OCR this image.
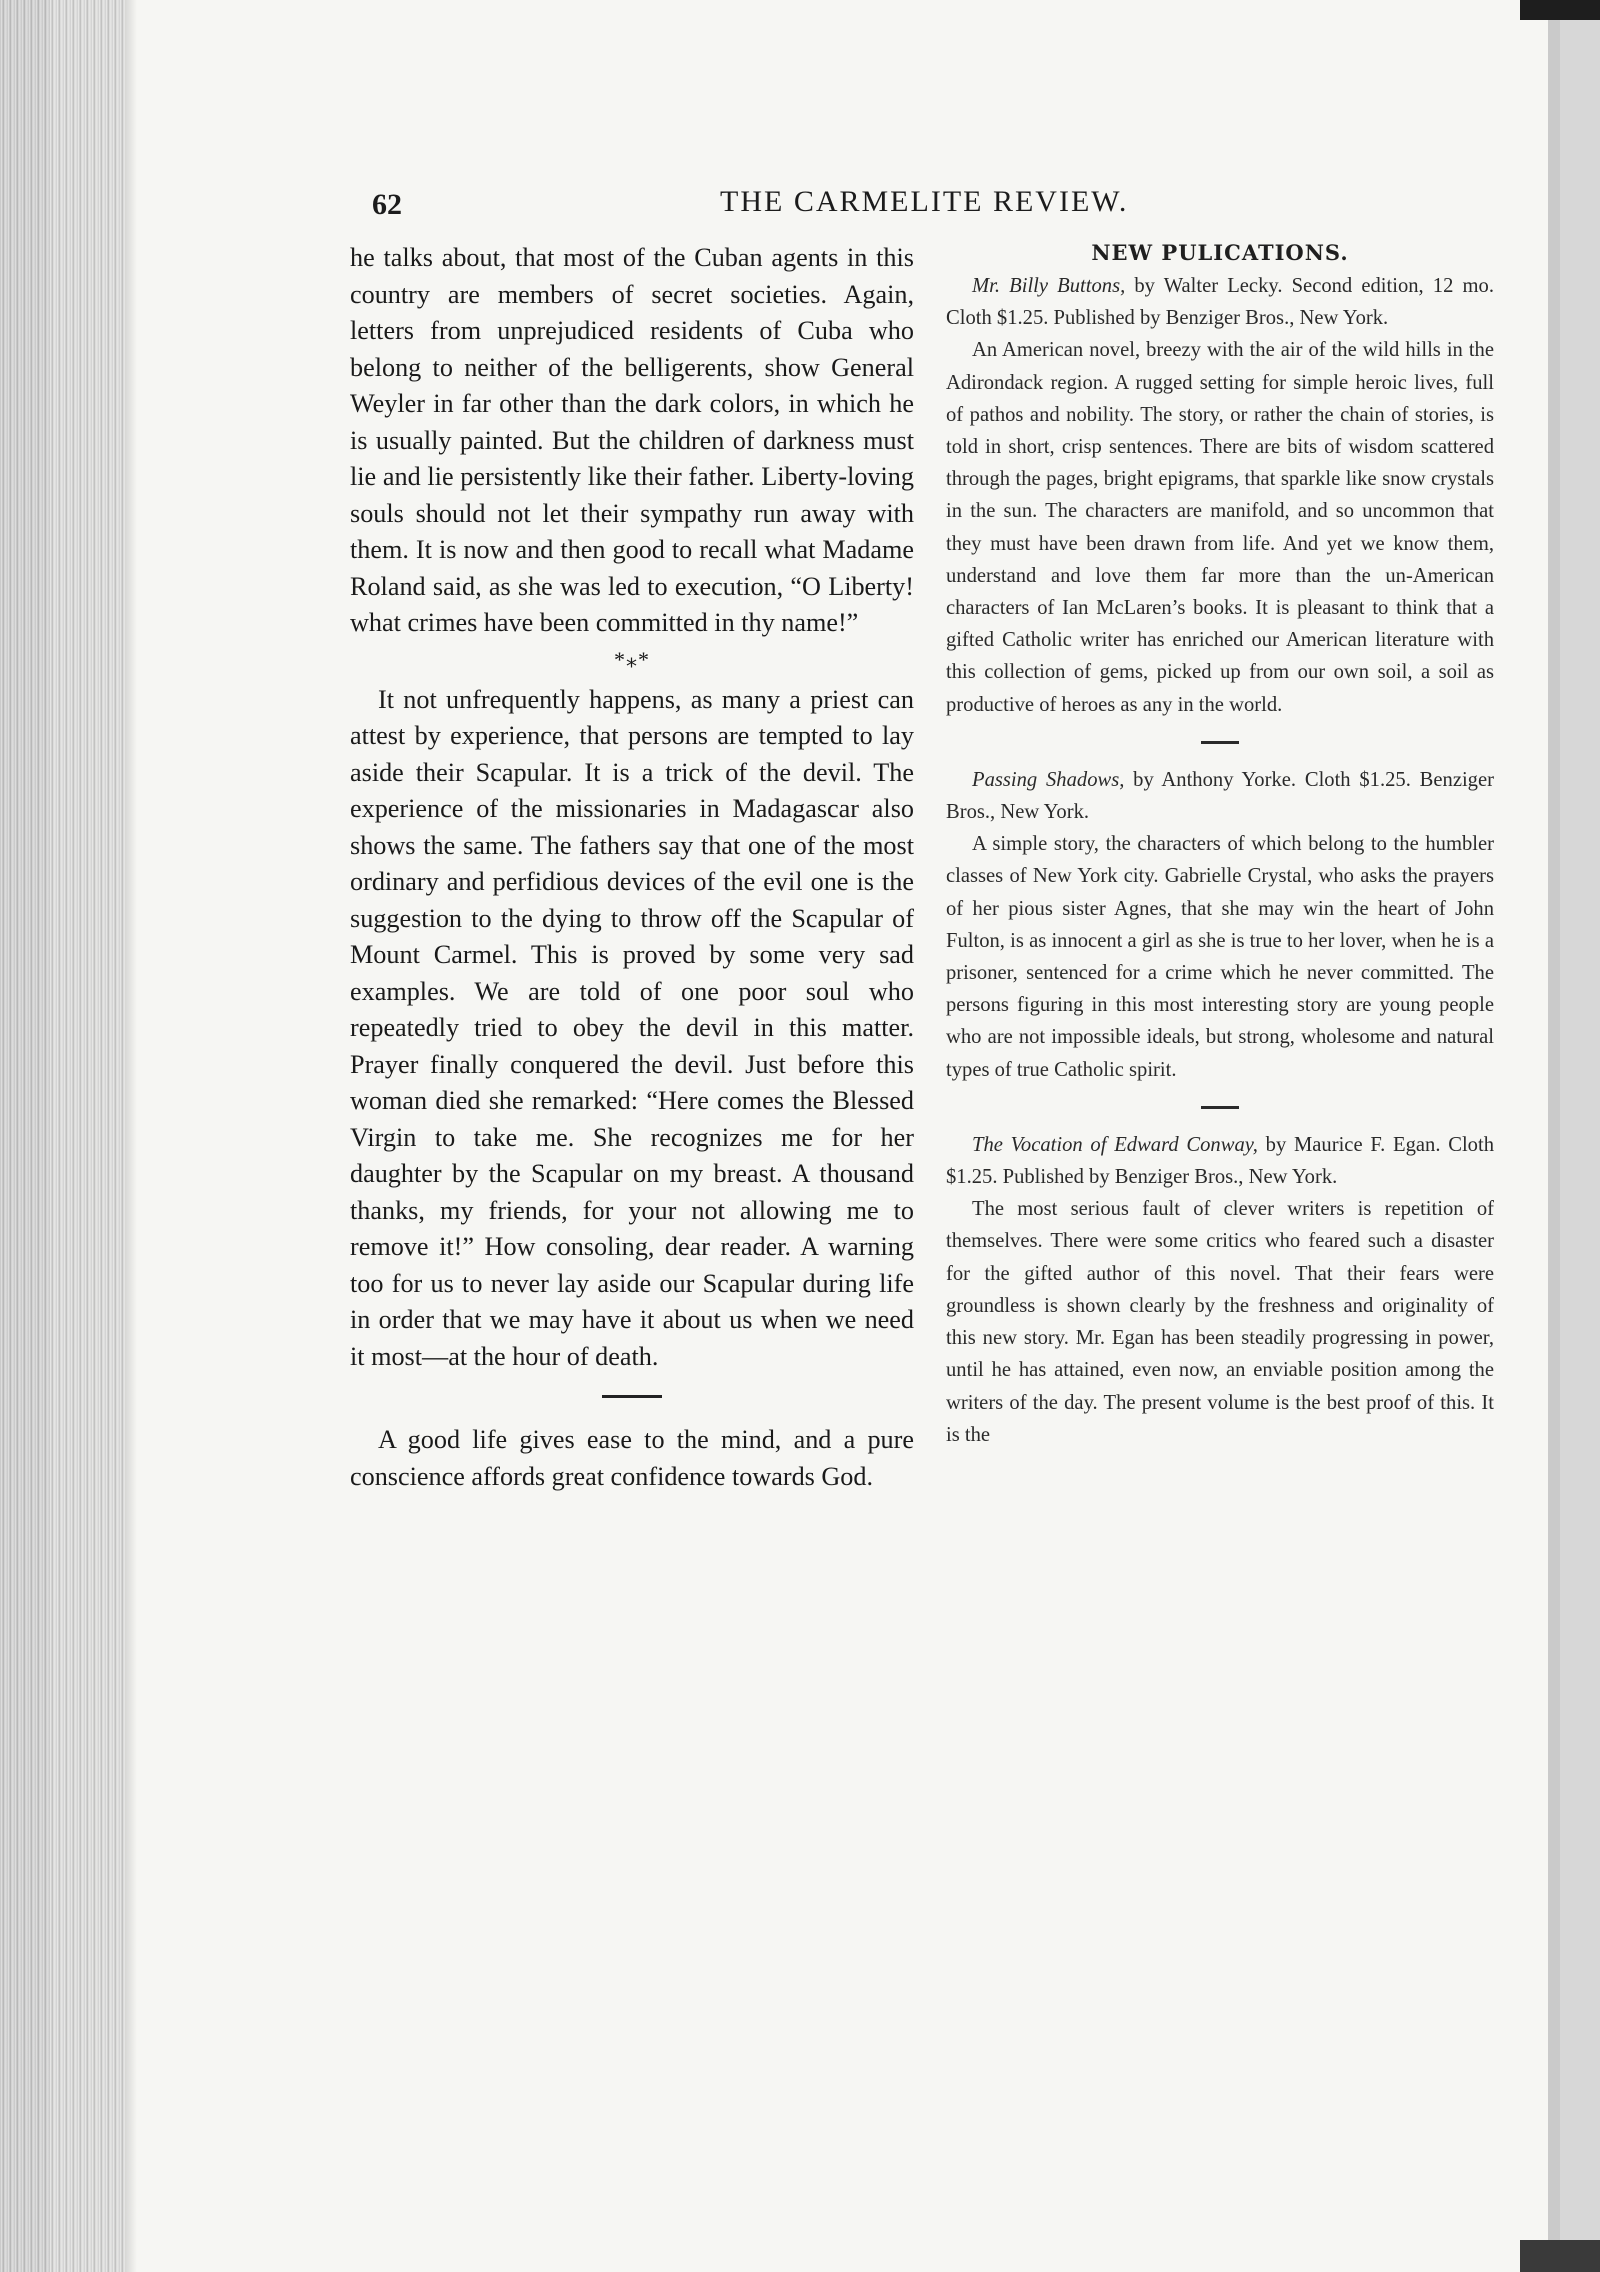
62	THE CARMELITE REVIEW.

he talks about, that most of the Cuban agents in this country are members of secret societies. Again, letters from unprejudiced residents of Cuba who belong to neither of the belligerents, show General Weyler in far other than the dark colors, in which he is usually painted. But the children of darkness must lie and lie persistently like their father. Liberty-loving souls should not let their sympathy run away with them. It is now and then good to recall what Madame Roland said, as she was led to execution, “O Liberty! what crimes have been committed in thy name!”

*⁎*

It not unfrequently happens, as many a priest can attest by experience, that persons are tempted to lay aside their Scapular. It is a trick of the devil. The experience of the missionaries in Madagascar also shows the same. The fathers say that one of the most ordinary and perfidious devices of the evil one is the suggestion to the dying to throw off the Scapular of Mount Carmel. This is proved by some very sad examples. We are told of one poor soul who repeatedly tried to obey the devil in this matter. Prayer finally conquered the devil. Just before this woman died she remarked: “Here comes the Blessed Virgin to take me. She recognizes me for her daughter by the Scapular on my breast. A thousand thanks, my friends, for your not allowing me to remove it!” How consoling, dear reader. A warning too for us to never lay aside our Scapular during life in order that we may have it about us when we need it most—at the hour of death.

A good life gives ease to the mind, and a pure conscience affords great confidence towards God.

NEW PULICATIONS.

Mr. Billy Buttons, by Walter Lecky. Second edition, 12 mo. Cloth $1.25. Published by Benziger Bros., New York.

An American novel, breezy with the air of the wild hills in the Adirondack region. A rugged setting for simple heroic lives, full of pathos and nobility. The story, or rather the chain of stories, is told in short, crisp sentences. There are bits of wisdom scattered through the pages, bright epigrams, that sparkle like snow crystals in the sun. The characters are manifold, and so uncommon that they must have been drawn from life. And yet we know them, understand and love them far more than the un-American characters of Ian McLaren’s books. It is pleasant to think that a gifted Catholic writer has enriched our American literature with this collection of gems, picked up from our own soil, a soil as productive of heroes as any in the world.

Passing Shadows, by Anthony Yorke. Cloth $1.25. Benziger Bros., New York.

A simple story, the characters of which belong to the humbler classes of New York city. Gabrielle Crystal, who asks the prayers of her pious sister Agnes, that she may win the heart of John Fulton, is as innocent a girl as she is true to her lover, when he is a prisoner, sentenced for a crime which he never committed. The persons figuring in this most interesting story are young people who are not impossible ideals, but strong, wholesome and natural types of true Catholic spirit.

The Vocation of Edward Conway, by Maurice F. Egan. Cloth $1.25. Published by Benziger Bros., New York.

The most serious fault of clever writers is repetition of themselves. There were some critics who feared such a disaster for the gifted author of this novel. That their fears were groundless is shown clearly by the freshness and originality of this new story. Mr. Egan has been steadily progressing in power, until he has attained, even now, an enviable position among the writers of the day. The present volume is the best proof of this. It is the
